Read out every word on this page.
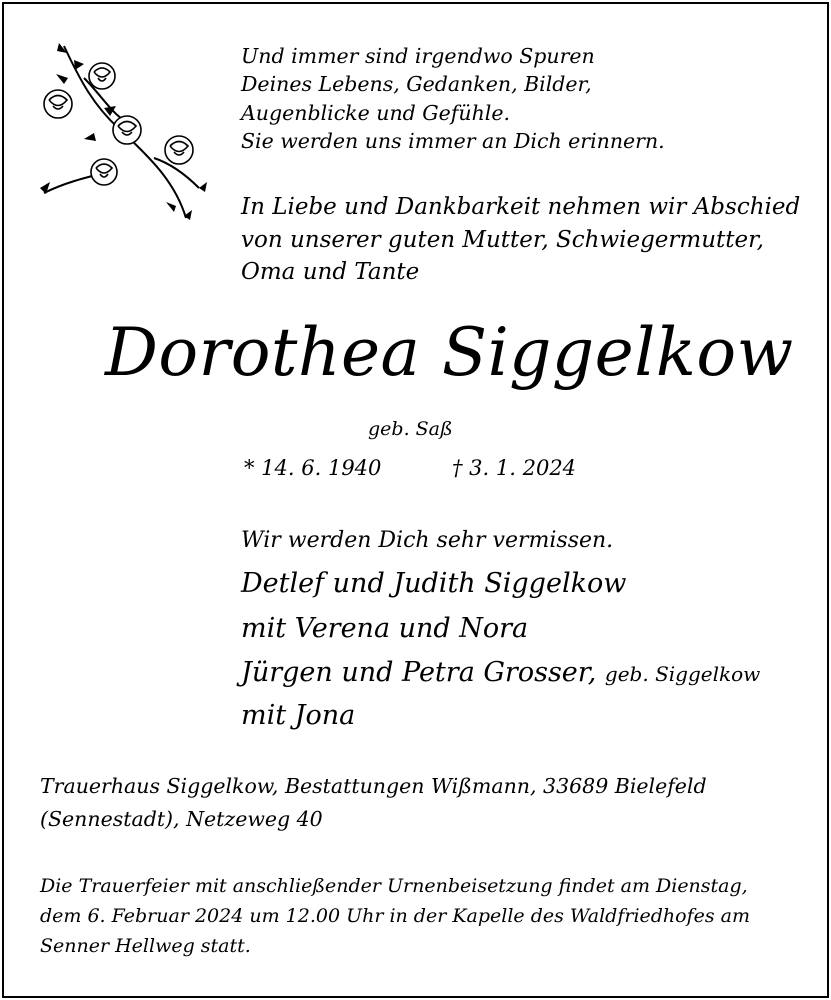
Und immer sind irgendwo Spuren
Deines Lebens, Gedanken, Bilder,
Augenblicke und Gefühle.
Sie werden uns immer an Dich erinnern.
In Liebe und Dankbarkeit nehmen wir Abschied
von unserer guten Mutter, Schwiegermutter,
Oma und Tante
Dorothea Siggelkow
geb. Saß
* 14. 6. 1940	† 3. 1. 2024
Wir werden Dich sehr vermissen.
Detlef und Judith Siggelkow
mit Verena und Nora
Jürgen und Petra Grosser, geb. Siggelkow
mit Jona
Trauerhaus Siggelkow, Bestattungen Wißmann, 33689 Bielefeld
(Sennestadt), Netzeweg 40
Die Trauerfeier mit anschließender Urnenbeisetzung findet am Dienstag,
dem 6. Februar 2024 um 12.00 Uhr in der Kapelle des Waldfriedhofes am
Senner Hellweg statt.
